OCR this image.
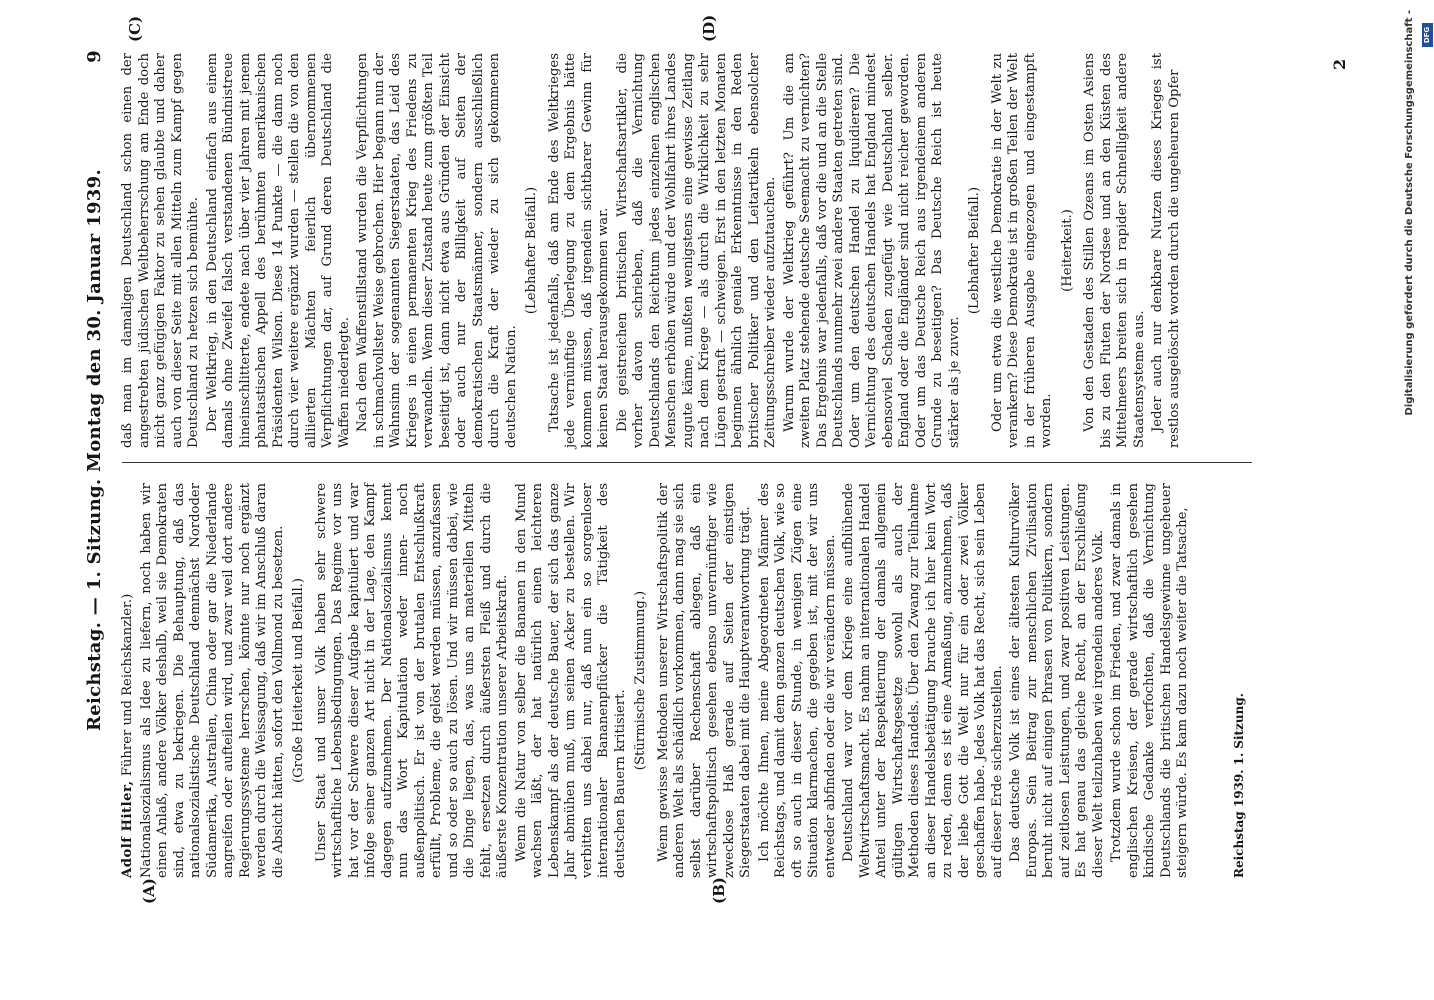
Reichstag. — 1. Sitzung. Montag den 30. Januar 1939.
9
(A)	(B)
(C)	(D)

Adolf Hitler, Führer und Reichskanzler.) Nationalsozialismus als Idee zu liefern, noch haben wir einen Anlaß, andere Völker deshalb, weil sie Demokraten sind, etwa zu bekriegen. Die Behauptung, daß das nationalsozialistische Deutschland demnächst Nordoder Südamerika, Australien, China oder gar die Niederlande angreifen oder aufteilen wird, und zwar weil dort andere Regierungssysteme herrschen, könnte nur noch ergänzt werden durch die Weissagung, daß wir im Anschluß daran die Absicht hätten, sofort den Vollmond zu besetzen. (Große Heiterkeit und Beifall.) Unser Staat und unser Volk haben sehr schwere wirtschaftliche Lebensbedingungen. Das Regime vor uns hat vor der Schwere dieser Aufgabe kapituliert und war infolge seiner ganzen Art nicht in der Lage, den Kampf dagegen aufzunehmen. Der Nationalsozialismus kennt nun das Wort Kapitulation weder innen- noch außenpolitisch. Er ist von der brutalen Entschlußkraft erfüllt, Probleme, die gelöst werden müssen, anzufassen und so oder so auch zu lösen. Und wir müssen dabei, wie die Dinge liegen, das, was uns an materiellen Mitteln fehlt, ersetzen durch äußersten Fleiß und durch die äußerste Konzentration unserer Arbeitskraft. Wenn die Natur von selber die Bananen in den Mund wachsen läßt, der hat natürlich einen leichteren Lebenskampf als der deutsche Bauer, der sich das ganze Jahr abmühen muß, um seinen Acker zu bestellen. Wir verbitten uns dabei nur, daß nun ein so sorgenloser internationaler Bananenpflücker die Tätigkeit des deutschen Bauern kritisiert.

(Stürmische Zustimmung.) Wenn gewisse Methoden unserer Wirtschaftspolitik der anderen Welt als schädlich vorkommen, dann mag sie sich selbst darüber Rechenschaft ablegen, daß ein wirtschaftspolitisch gesehen ebenso unvernünftiger wie zwecklose Haß gerade auf Seiten der einstigen Siegerstaaten dabei mit die Hauptverantwortung trägt. Ich möchte Ihnen, meine Abgeordneten Männer des Reichstags, und damit dem ganzen deutschen Volk, wie so oft so auch in dieser Stunde, in wenigen Zügen eine Situation klarmachen, die gegeben ist, mit der wir uns entweder abfinden oder die wir verändern müssen. Deutschland war vor dem Kriege eine aufblühende Weltwirtschaftsmacht. Es nahm an internationalen Handel Anteil unter der Respektierung der damals allgemein gültigen Wirtschaftsgesetze sowohl als auch der Methoden dieses Handels. Über den Zwang zur Teilnahme an dieser Handelsbetätigung brauche ich hier kein Wort zu reden, denn es ist eine Anmaßung, anzunehmen, daß der liebe Gott die Welt nur für ein oder zwei Völker geschaffen habe. Jedes Volk hat das Recht, sich sein Leben auf dieser Erde sicherzustellen. Das deutsche Volk ist eines der ältesten Kulturvölker Europas. Sein Beitrag zur menschlichen Zivilisation beruht nicht auf einigen Phrasen von Politikern, sondern auf zeitlosen Leistungen, und zwar positiven Leistungen. Es hat genau das gleiche Recht, an der Erschließung dieser Welt teilzuhaben wie irgendein anderes Volk. Trotzdem wurde schon im Frieden, und zwar damals in englischen Kreisen, der gerade wirtschaftlich gesehen kindische Gedanke verfochten, daß die Vernichtung Deutschlands die britischen Handelsgewinne ungeheuer steigern würde. Es kam dazu noch weiter die Tatsache,

daß man im damaligen Deutschland schon einen der angestrebten jüdischen Weltbeherrschung am Ende doch nicht ganz gefügigen Faktor zu sehen glaubte und daher auch von dieser Seite mit allen Mitteln zum Kampf gegen Deutschland zu hetzen sich bemühte. Der Weltkrieg, in den Deutschland einfach aus einem damals ohne Zweifel falsch verstandenen Bündnistreue hineinschlitterte, endete nach über vier Jahren mit jenem phantastischen Appell des berühmten amerikanischen Präsidenten Wilson. Diese 14 Punkte — die dann noch durch vier weitere ergänzt wurden — stellen die von den alliierten Mächten feierlich übernommenen Verpflichtungen dar, auf Grund deren Deutschland die Waffen niederlegte. Nach dem Waffenstillstand wurden die Verpflichtungen in schmachvollster Weise gebrochen. Hier begann nun der Wahnsinn der sogenannten Siegerstaaten, das Leid des Krieges in einen permanenten Krieg des Friedens zu verwandeln. Wenn dieser Zustand heute zum größten Teil beseitigt ist, dann nicht etwa aus Gründen der Einsicht oder auch nur der Billigkeit auf Seiten der demokratischen Staatsmänner, sondern ausschließlich durch die Kraft der wieder zu sich gekommenen deutschen Nation.

(Lebhafter Beifall.) Tatsache ist jedenfalls, daß am Ende des Weltkrieges jede vernünftige Überlegung zu dem Ergebnis hätte kommen müssen, daß irgendein sichtbarer Gewinn für keinen Staat herausgekommen war. Die geistreichen britischen Wirtschaftsartikler, die vorher davon schrieben, daß die Vernichtung Deutschlands den Reichtum jedes einzelnen englischen Menschen erhöhen würde und der Wohlfahrt ihres Landes zugute käme, mußten wenigstens eine gewisse Zeitlang nach dem Kriege — als durch die Wirklichkeit zu sehr Lügen gestraft — schweigen. Erst in den letzten Monaten beginnen ähnlich geniale Erkenntnisse in den Reden britischer Politiker und den Leitartikeln ebensolcher Zeitungsschreiber wieder aufzutauchen. Warum wurde der Weltkrieg geführt? Um die am zweiten Platz stehende deutsche Seemacht zu vernichten? Das Ergebnis war jedenfalls, daß vor die und an die Stelle Deutschlands nunmehr zwei andere Staaten getreten sind. Oder um den deutschen Handel zu liquidieren? Die Vernichtung des deutschen Handels hat England mindest ebensoviel Schaden zugefügt wie Deutschland selber. England oder die Engländer sind nicht reicher geworden. Oder um das Deutsche Reich aus irgendeinem anderen Grunde zu beseitigen? Das Deutsche Reich ist heute stärker als je zuvor.

(Lebhafter Beifall.) Oder um etwa die westliche Demokratie in der Welt zu verankern? Diese Demokratie ist in großen Teilen der Welt in der früheren Ausgabe eingezogen und eingestampft worden.

(Heiterkeit.) Von den Gestaden des Stillen Ozeans im Osten Asiens bis zu den Fluten der Nordsee und an den Küsten des Mittelmeers breiten sich in rapider Schnelligkeit andere Staatensysteme aus. Jeder auch nur denkbare Nutzen dieses Krieges ist restlos ausgelöscht worden durch die ungeheuren Opfer

Reichstag 1939. 1. Sitzung.
2	Digitalisierung gefördert durch die Deutsche Forschungsgemeinschaft - DFG
